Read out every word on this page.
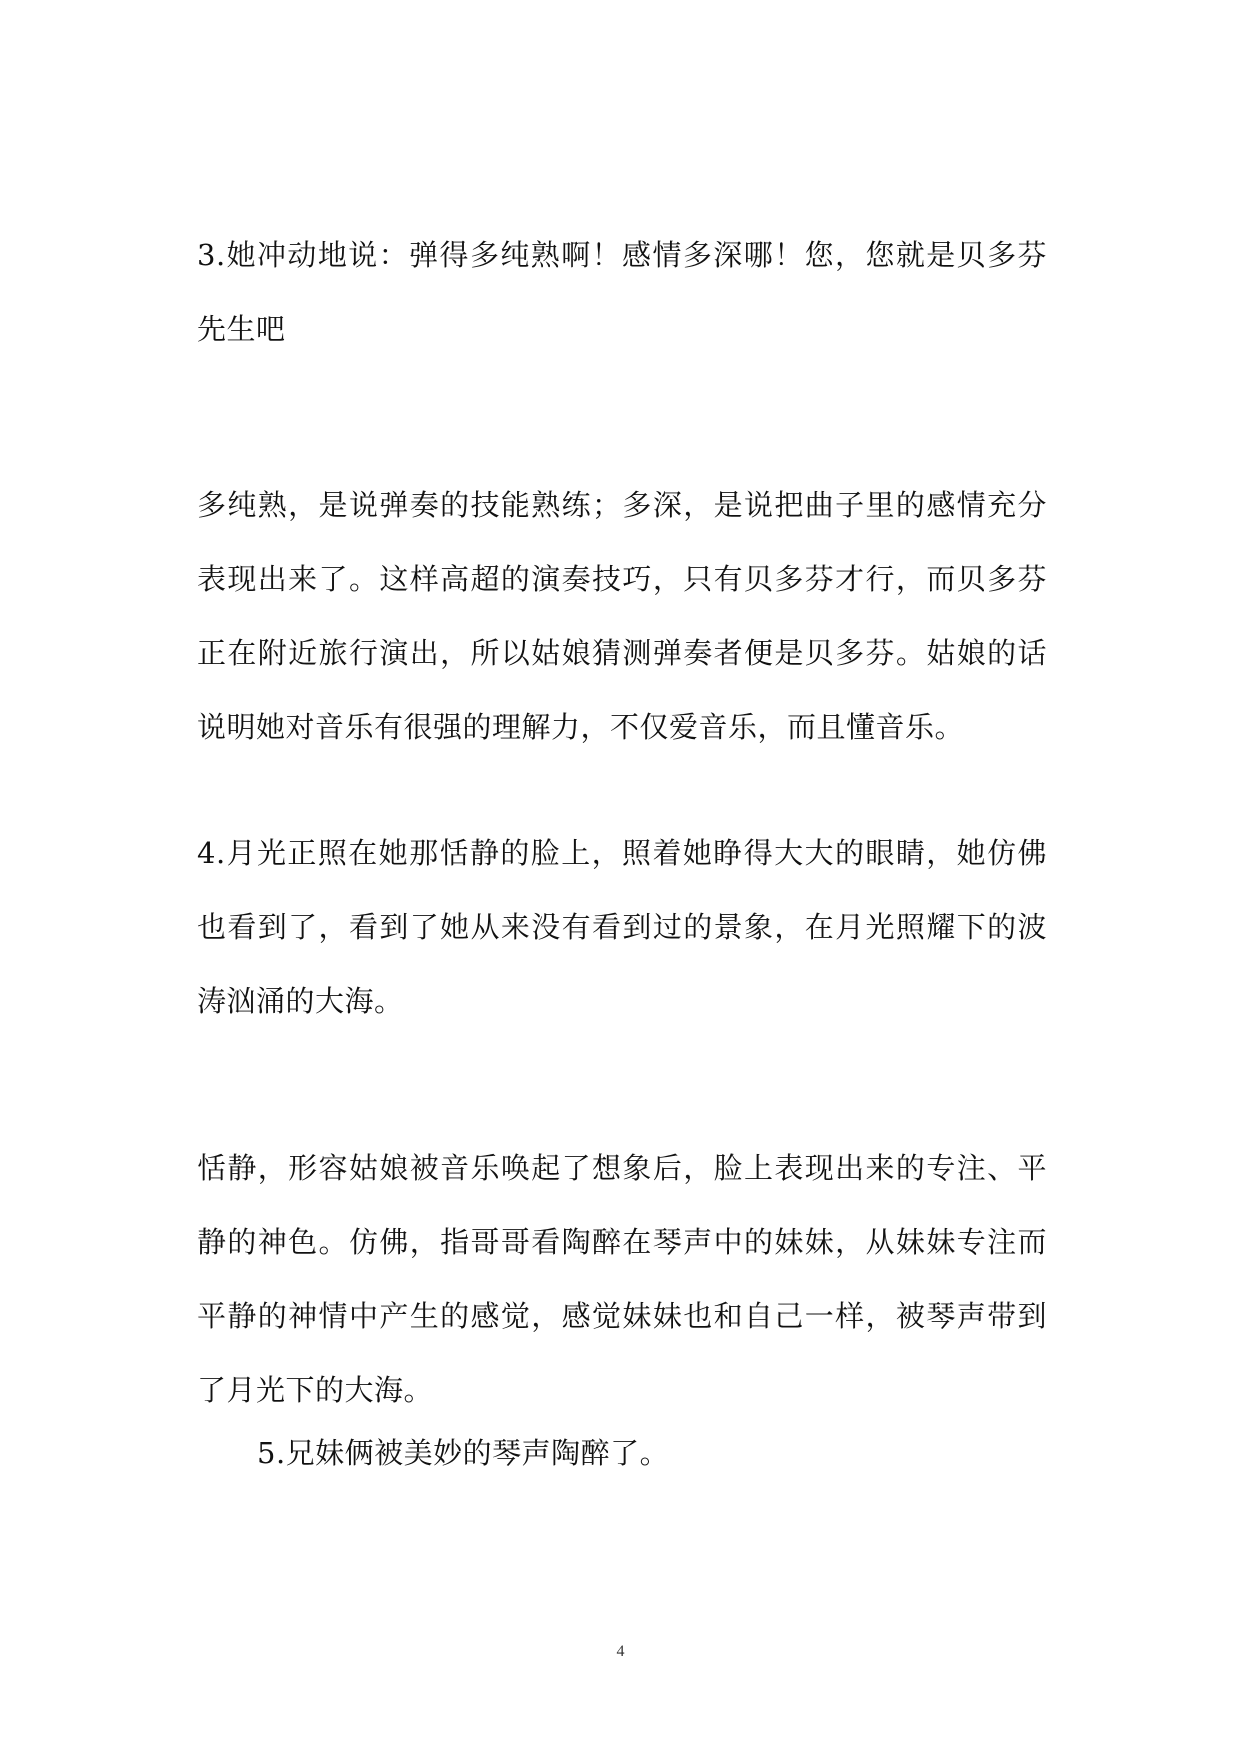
3.她冲动地说：弹得多纯熟啊！感情多深哪！您，您就是贝多芬先生吧

多纯熟，是说弹奏的技能熟练；多深，是说把曲子里的感情充分表现出来了。这样高超的演奏技巧，只有贝多芬才行，而贝多芬正在附近旅行演出，所以姑娘猜测弹奏者便是贝多芬。姑娘的话说明她对音乐有很强的理解力，不仅爱音乐，而且懂音乐。

4.月光正照在她那恬静的脸上，照着她睁得大大的眼睛，她仿佛也看到了，看到了她从来没有看到过的景象，在月光照耀下的波涛汹涌的大海。

恬静，形容姑娘被音乐唤起了想象后，脸上表现出来的专注、平静的神色。仿佛，指哥哥看陶醉在琴声中的妹妹，从妹妹专注而平静的神情中产生的感觉，感觉妹妹也和自己一样，被琴声带到了月光下的大海。

5.兄妹俩被美妙的琴声陶醉了。

4
